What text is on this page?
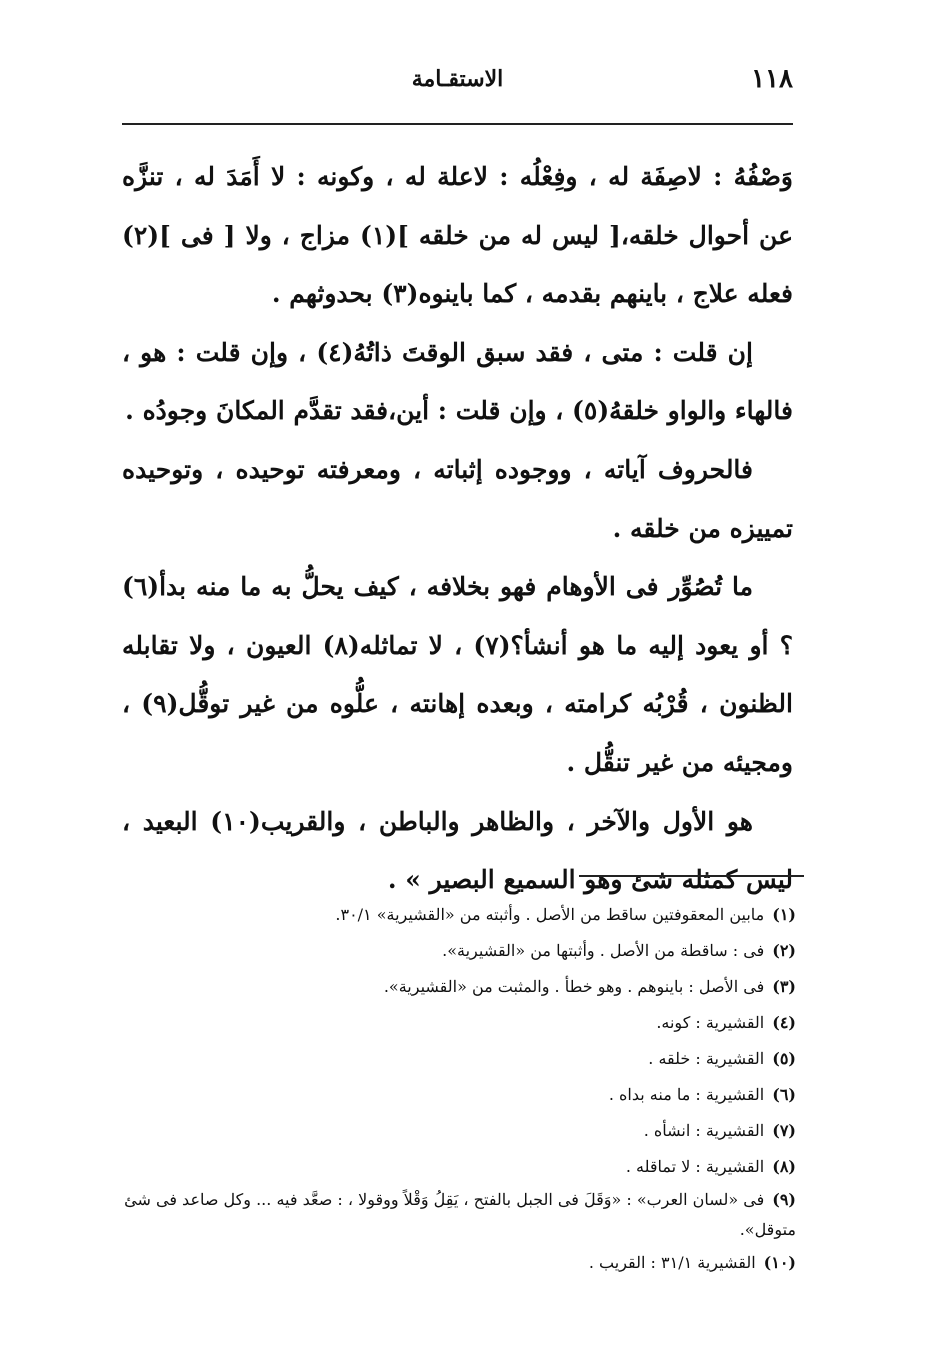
١١٨
الاستقـامة

وَصْفُهُ : لاصِفَة له ، وفِعْلُه : لاعلة له ، وكونه : لا أَمَدَ له ، تنزَّه عن أحوال خلقه،[ ليس له من خلقه ](١) مزاج ، ولا [ فى ](٢) فعله علاج ، باينهم بقدمه ، كما باينوه(٣) بحدوثهم .

إن قلت : متى ، فقد سبق الوقتَ ذاتُهُ(٤) ، وإن قلت : هو ، فالهاء والواو خلقهُ(٥) ، وإن قلت : أين،فقد تقدَّم المكانَ وجودُه .

فالحروف آياته ، ووجوده إثباته ، ومعرفته توحيده ، وتوحيده تمييزه من خلقه .

ما تُصُوِّر فى الأوهام فهو بخلافه ، كيف يحلُّ به ما منه بدأ(٦) ؟ أو يعود إليه ما هو أنشأ؟(٧) ، لا تماثله(٨) العيون ، ولا تقابله الظنون ، قُرْبُه كرامته ، وبعده إهانته ، علُّوه من غير توقُّل(٩) ، ومجيئه من غير تنقُّل .

هو الأول والآخر ، والظاهر والباطن ، والقريب(١٠) البعيد ، ليس كمثله شئ وهو السميع البصير » .

(١)مابين المعقوفتين ساقط من الأصل . وأثبته من «القشيرية» ٣٠/١.
(٢)فى : ساقطة من الأصل . وأثبتها من «القشيرية».
(٣)فى الأصل : باينوهم . وهو خطأ . والمثبت من «القشيرية».
(٤)القشيرية : كونه.
(٥)القشيرية : خلقه .
(٦)القشيرية : ما منه بداه .
(٧)القشيرية : انشأه .
(٨)القشيرية : لا تماقله .
(٩)فى «لسان العرب» : «وَقَلَ فى الجبل بالفتح ، يَقِلُ وَقْلاً ووقولا ، : صعَّد فيه ... وكل صاعد فى شئ متوقل».
(١٠)القشيرية ٣١/١ : القريب .
